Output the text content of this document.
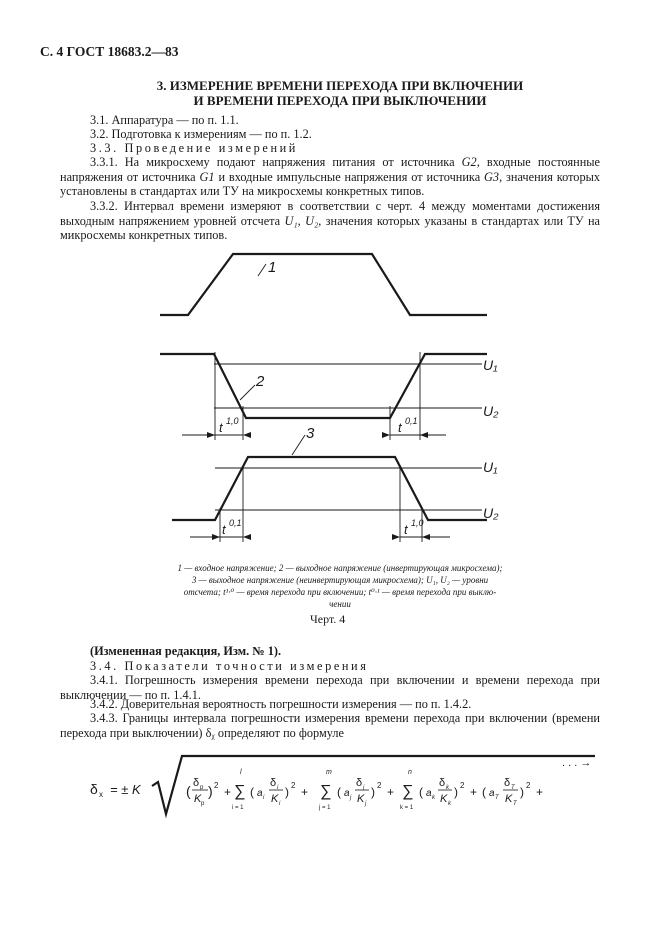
С. 4 ГОСТ 18683.2—83
3. ИЗМЕРЕНИЕ ВРЕМЕНИ ПЕРЕХОДА ПРИ ВКЛЮЧЕНИИ
И ВРЕМЕНИ ПЕРЕХОДА ПРИ ВЫКЛЮЧЕНИИ
3.1. Аппаратура — по п. 1.1.
3.2. Подготовка к измерениям — по п. 1.2.
3.3. Проведение измерений
3.3.1. На микросхему подают напряжения питания от источника G2, входные постоянные напряжения от источника G1 и входные импульсные напряжения от источника G3, значения которых установлены в стандартах или ТУ на микросхемы конкретных типов.
3.3.2. Интервал времени измеряют в соответствии с черт. 4 между моментами достижения выходным напряжением уровней отсчета U₁, U₂, значения которых указаны в стандартах или ТУ на микросхемы конкретных типов.
1
2
3
U₁
U₂
U₁
U₂
t 1,0	t 0,1
t 0,1	t 1,0
1 — входное напряжение; 2 — выходное напряжение (инвертирующая микросхема);
3 — выходное напряжение (неинвертирующая микросхема); U₁, U₂ — уровни
отсчета; t¹·⁰ — время перехода при включении; t⁰·¹ — время перехода при выклю-
чении
Черт. 4
(Измененная редакция, Изм. № 1).
3.4. Показатели точности измерения
3.4.1. Погрешность измерения времени перехода при включении и времени перехода при выключении — по п. 1.4.1.
3.4.2. Доверительная вероятность погрешности измерения — по п. 1.4.2.
3.4.3. Границы интервала погрешности измерения времени перехода при включении (времени перехода при выключении) δᵪ определяют по формуле
δ x = ± K	( δ p
K p
) 2 +
l
∑
i = 1
( a i
δ i
K i
) 2 +
m
∑
j = 1
( a j
δ j
K j
) 2 +
n
∑
k = 1
( a k
δ k
K k
) 2 + ( a T
δ T
K T
) 2 +
. . . →
